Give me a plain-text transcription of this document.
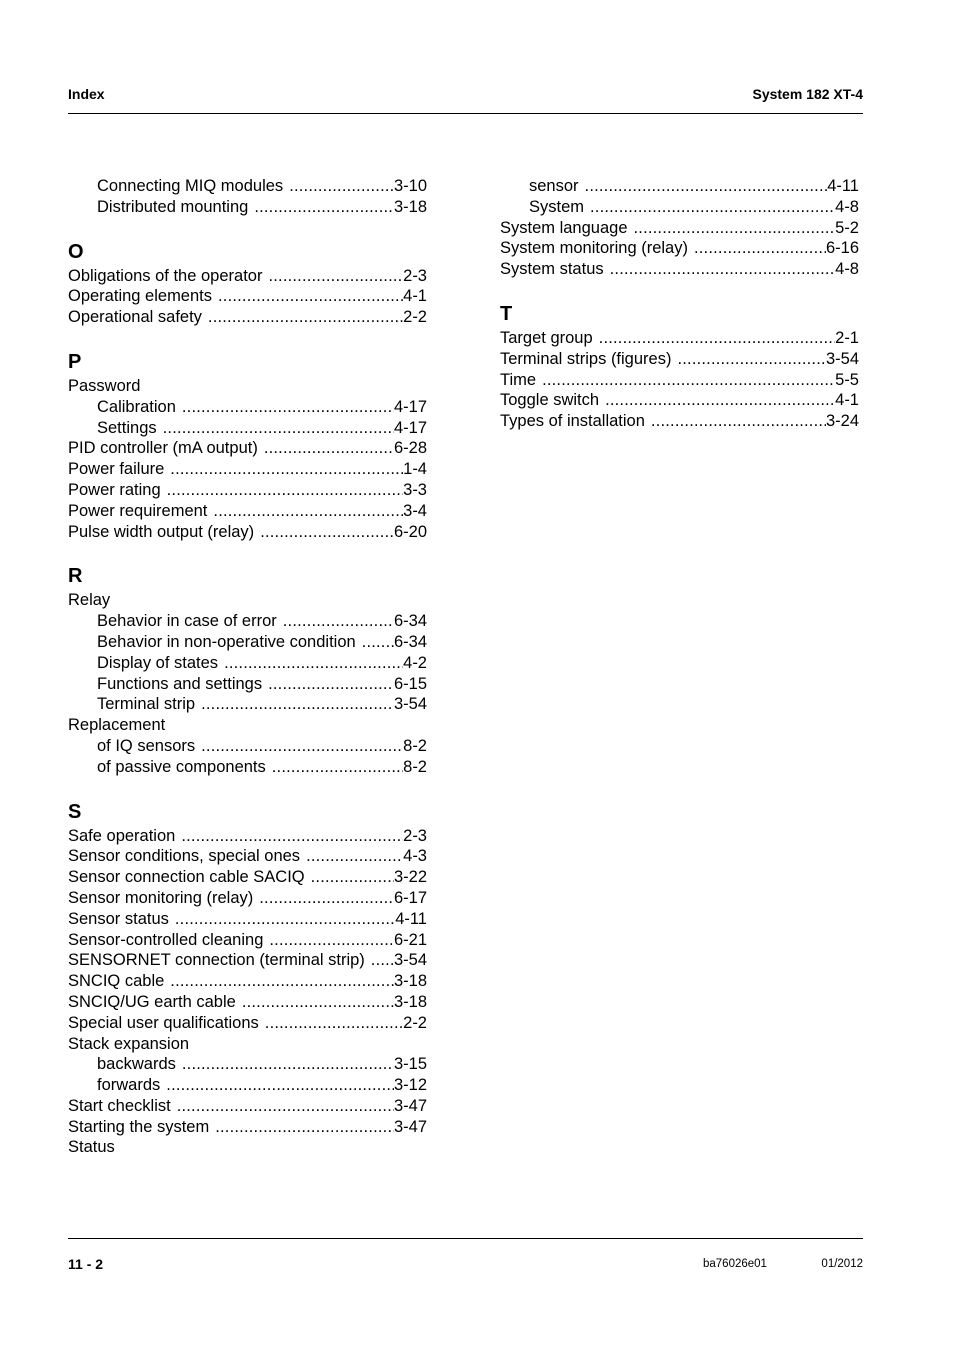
Index	System 182 XT-4
Connecting MIQ modules .....	3-10
Distributed mounting .....	3-18
O
Obligations of the operator .....	2-3
Operating elements .....	4-1
Operational safety .....	2-2
P
Password
Calibration .....	4-17
Settings .....	4-17
PID controller (mA output) .....	6-28
Power failure .....	1-4
Power rating .....	3-3
Power requirement .....	3-4
Pulse width output (relay) .....	6-20
R
Relay
Behavior in case of error .....	6-34
Behavior in non-operative condition ..... 6-34
Display of states .....	4-2
Functions and settings .....	6-15
Terminal strip .....	3-54
Replacement
of IQ sensors .....	8-2
of passive components .....	8-2
S
Safe operation .....	2-3
Sensor conditions, special ones .....	4-3
Sensor connection cable SACIQ .....	3-22
Sensor monitoring (relay) .....	6-17
Sensor status .....	4-11
Sensor-controlled cleaning .....	6-21
SENSORNET connection (terminal strip) ..... 3-54
SNCIQ cable .....	3-18
SNCIQ/UG earth cable .....	3-18
Special user qualifications .....	2-2
Stack expansion
backwards .....	3-15
forwards .....	3-12
Start checklist .....	3-47
Starting the system .....	3-47
Status
sensor .....	4-11
System .....	4-8
System language .....	5-2
System monitoring (relay) .....	6-16
System status .....	4-8
T
Target group .....	2-1
Terminal strips (figures) .....	3-54
Time .....	5-5
Toggle switch .....	4-1
Types of installation .....	3-24
11 - 2	ba76026e01	01/2012
